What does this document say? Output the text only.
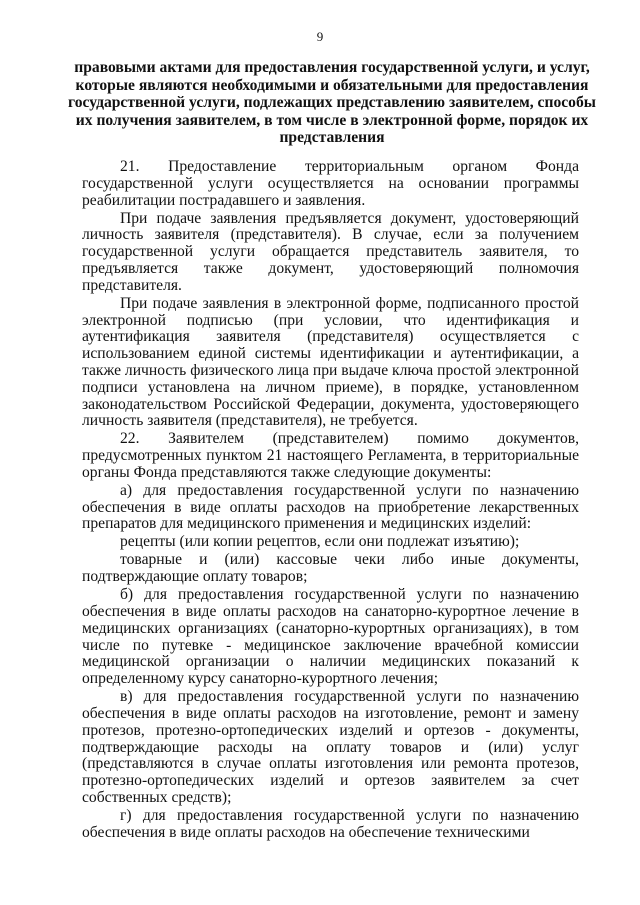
9
правовыми актами для предоставления государственной услуги, и услуг, которые являются необходимыми и обязательными для предоставления государственной услуги, подлежащих представлению заявителем, способы их получения заявителем, в том числе в электронной форме, порядок их представления

21. Предоставление территориальным органом Фонда государственной услуги осуществляется на основании программы реабилитации пострадавшего и заявления.

При подаче заявления предъявляется документ, удостоверяющий личность заявителя (представителя). В случае, если за получением государственной услуги обращается представитель заявителя, то предъявляется также документ, удостоверяющий полномочия представителя.

При подаче заявления в электронной форме, подписанного простой электронной подписью (при условии, что идентификация и аутентификация заявителя (представителя) осуществляется с использованием единой системы идентификации и аутентификации, а также личность физического лица при выдаче ключа простой электронной подписи установлена на личном приеме), в порядке, установленном законодательством Российской Федерации, документа, удостоверяющего личность заявителя (представителя), не требуется.

22. Заявителем (представителем) помимо документов, предусмотренных пунктом 21 настоящего Регламента, в территориальные органы Фонда представляются также следующие документы:

а) для предоставления государственной услуги по назначению обеспечения в виде оплаты расходов на приобретение лекарственных препаратов для медицинского применения и медицинских изделий:

рецепты (или копии рецептов, если они подлежат изъятию);

товарные и (или) кассовые чеки либо иные документы, подтверждающие оплату товаров;

б) для предоставления государственной услуги по назначению обеспечения в виде оплаты расходов на санаторно-курортное лечение в медицинских организациях (санаторно-курортных организациях), в том числе по путевке - медицинское заключение врачебной комиссии медицинской организации о наличии медицинских показаний к определенному курсу санаторно-курортного лечения;

в) для предоставления государственной услуги по назначению обеспечения в виде оплаты расходов на изготовление, ремонт и замену протезов, протезно-ортопедических изделий и ортезов - документы, подтверждающие расходы на оплату товаров и (или) услуг (представляются в случае оплаты изготовления или ремонта протезов, протезно-ортопедических изделий и ортезов заявителем за счет собственных средств);

г) для предоставления государственной услуги по назначению обеспечения в виде оплаты расходов на обеспечение техническими
